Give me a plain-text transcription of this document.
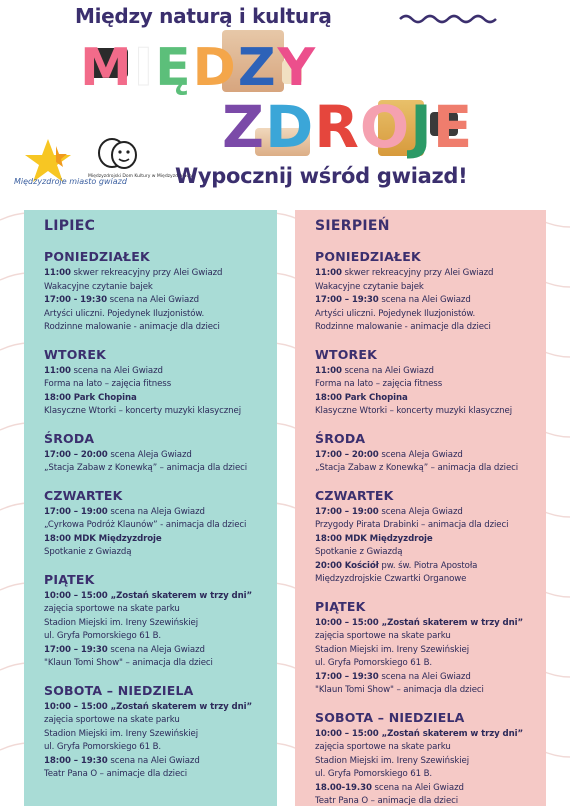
Między naturą i kulturą
MIĘDZY
ZDROJE
Międzyzdroje miasto gwiazd
Międzyzdrojski Dom Kultury w Międzyzdrojach
Wypocznij wśród gwiazd!
LIPIEC
PONIEDZIAŁEK
11:00 skwer rekreacyjny przy Alei Gwiazd
Wakacyjne czytanie bajek
17:00 - 19:30 scena na Alei Gwiazd
Artyści uliczni. Pojedynek Iluzjonistów.
Rodzinne malowanie - animacje dla dzieci
WTOREK
11:00 scena na Alei Gwiazd
Forma na lato – zajęcia fitness
18:00 Park Chopina
Klasyczne Wtorki – koncerty muzyki klasycznej
ŚRODA
17:00 – 20:00 scena Aleja Gwiazd
„Stacja Zabaw z Konewką” – animacja dla dzieci
CZWARTEK
17:00 – 19:00 scena na Aleja Gwiazd
„Cyrkowa Podróż Klaunów” - animacja dla dzieci
18:00 MDK Międzyzdroje
Spotkanie z Gwiazdą
PIĄTEK
10:00 – 15:00 „Zostań skaterem w trzy dni”
zajęcia sportowe na skate parku
Stadion Miejski im. Ireny Szewińskiej
ul. Gryfa Pomorskiego 61 B.
17:00 – 19:30 scena na Aleja Gwiazd
"Klaun Tomi Show" – animacja dla dzieci
SOBOTA – NIEDZIELA
10:00 – 15:00 „Zostań skaterem w trzy dni”
zajęcia sportowe na skate parku
Stadion Miejski im. Ireny Szewińskiej
ul. Gryfa Pomorskiego 61 B.
18:00 – 19:30 scena na Alei Gwiazd
Teatr Pana O – animacje dla dzieci
SIERPIEŃ
PONIEDZIAŁEK
11:00 skwer rekreacyjny przy Alei Gwiazd
Wakacyjne czytanie bajek
17:00 – 19:30 scena na Alei Gwiazd
Artyści uliczni. Pojedynek Iluzjonistów.
Rodzinne malowanie - animacje dla dzieci
WTOREK
11:00 scena na Alei Gwiazd
Forma na lato – zajęcia fitness
18:00 Park Chopina
Klasyczne Wtorki – koncerty muzyki klasycznej
ŚRODA
17:00 – 20:00 scena Aleja Gwiazd
„Stacja Zabaw z Konewką” – animacja dla dzieci
CZWARTEK
17:00 – 19:00 scena Aleja Gwiazd
Przygody Pirata Drabinki – animacja dla dzieci
18:00 MDK Międzyzdroje
Spotkanie z Gwiazdą
20:00 Kościół pw. św. Piotra Apostoła
Międzyzdrojskie Czwartki Organowe
PIĄTEK
10:00 – 15:00 „Zostań skaterem w trzy dni”
zajęcia sportowe na skate parku
Stadion Miejski im. Ireny Szewińskiej
ul. Gryfa Pomorskiego 61 B.
17:00 – 19:30 scena na Alei Gwiazd
"Klaun Tomi Show" – animacja dla dzieci
SOBOTA – NIEDZIELA
10:00 – 15:00 „Zostań skaterem w trzy dni”
zajęcia sportowe na skate parku
Stadion Miejski im. Ireny Szewińskiej
ul. Gryfa Pomorskiego 61 B.
18.00-19.30 scena na Alei Gwiazd
Teatr Pana O – animacje dla dzieci
